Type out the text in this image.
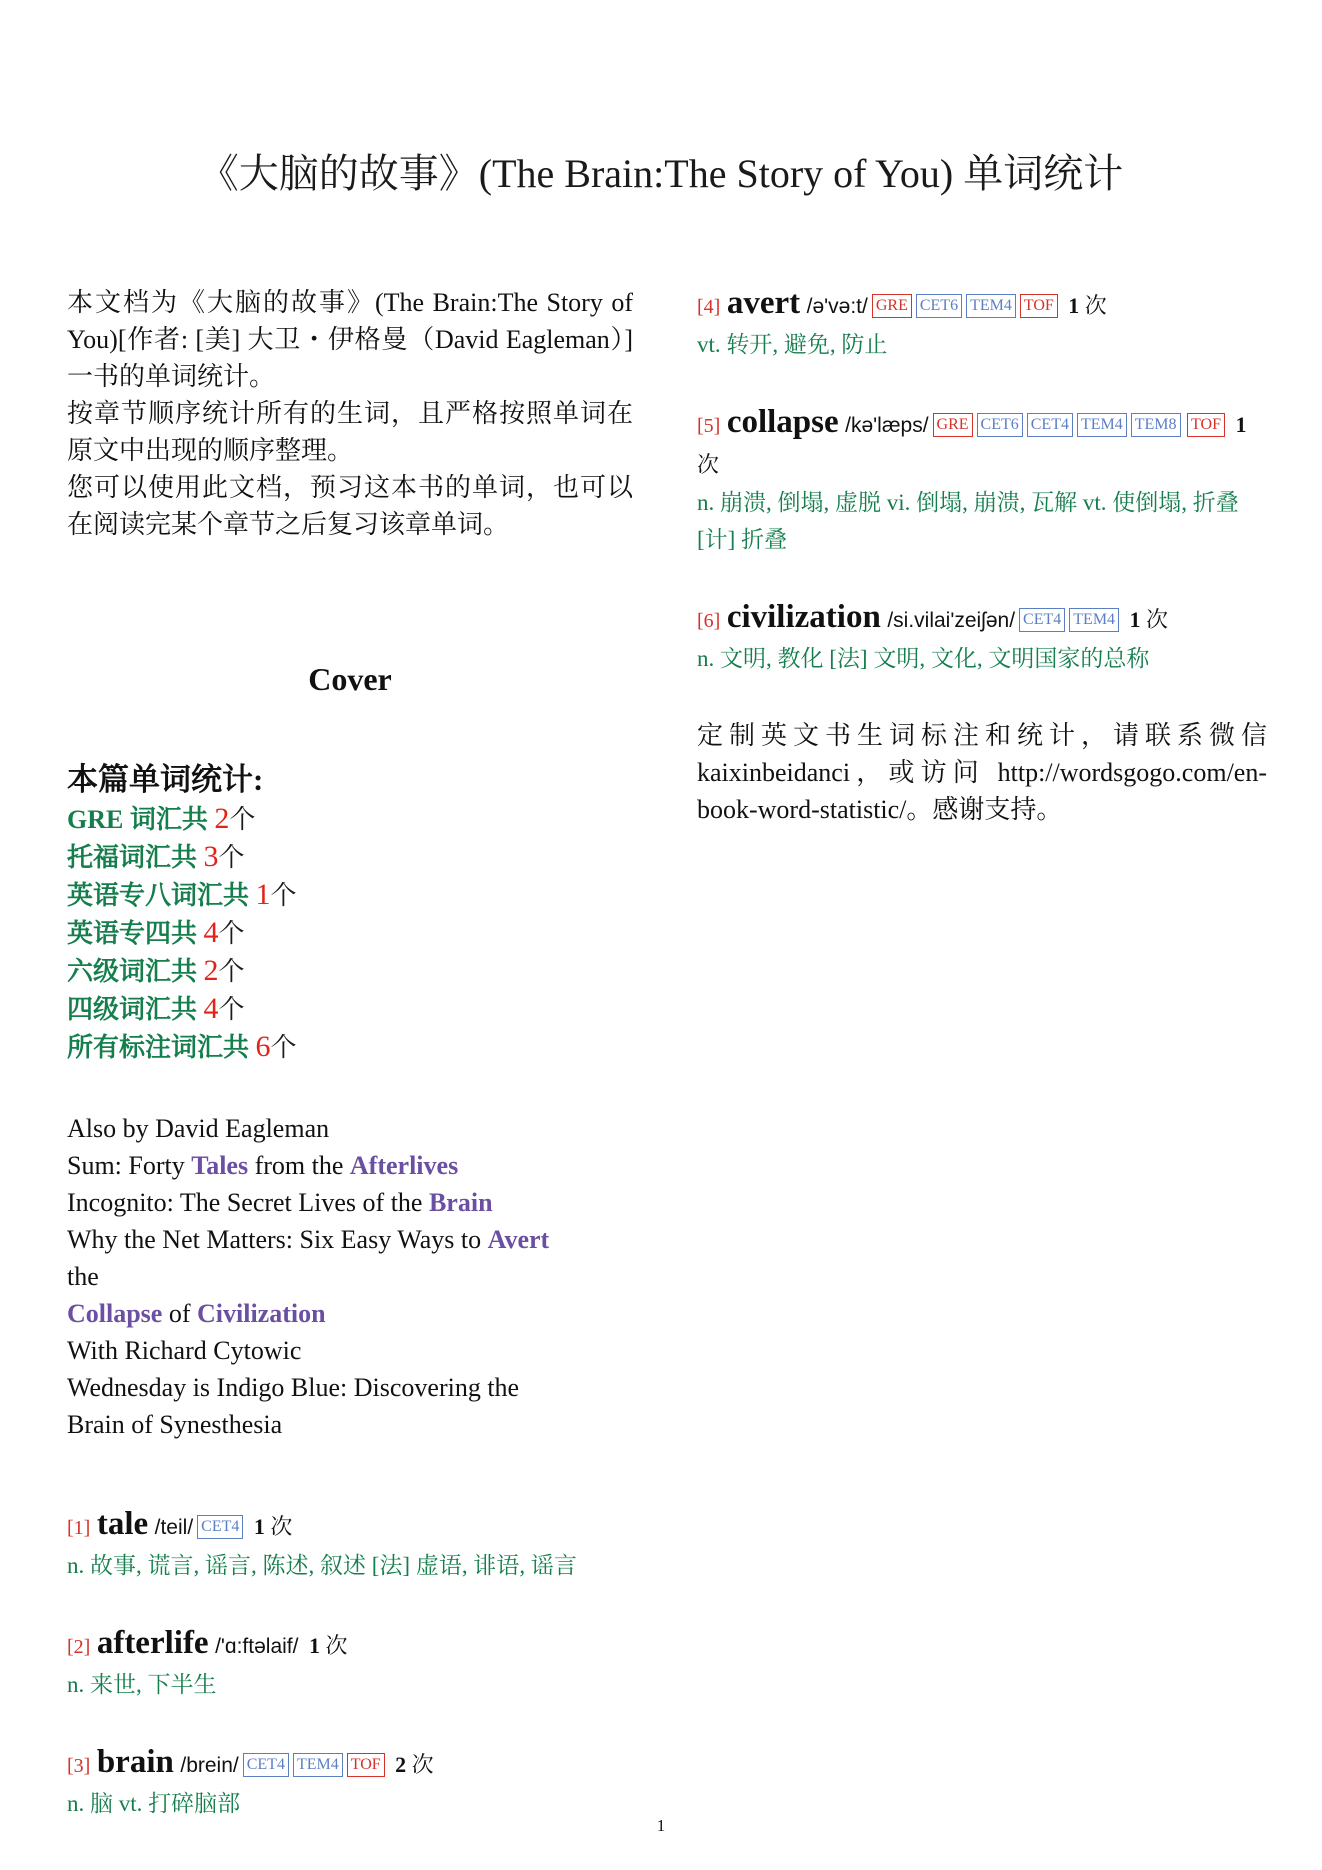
《大脑的故事》(The Brain:The Story of You) 单词统计
本文档为《大脑的故事》(The Brain:The Story of You)[作者: [美] 大卫・伊格曼（David Eagleman）] 一书的单词统计。
按章节顺序统计所有的生词，且严格按照单词在原文中出现的顺序整理。
您可以使用此文档，预习这本书的单词，也可以在阅读完某个章节之后复习该章单词。
Cover
本篇单词统计:
GRE 词汇共 2个
托福词汇共 3个
英语专八词汇共 1个
英语专四共 4个
六级词汇共 2个
四级词汇共 4个
所有标注词汇共 6个
Also by David Eagleman
Sum: Forty Tales from the Afterlives
Incognito: The Secret Lives of the Brain
Why the Net Matters: Six Easy Ways to Avert
the
Collapse of Civilization
With Richard Cytowic
Wednesday is Indigo Blue: Discovering the
Brain of Synesthesia
[1] tale /teil/ CET4 1 次
n. 故事, 谎言, 谣言, 陈述, 叙述 [法] 虚语, 诽语, 谣言
[2] afterlife /'ɑ:ftəlaif/ 1 次
n. 来世, 下半生
[3] brain /brein/ CET4 TEM4 TOF 2 次
n. 脑 vt. 打碎脑部
[4] avert /ə'və:t/ GRE CET6 TEM4 TOF 1 次
vt. 转开, 避免, 防止
[5] collapse /kə'læps/ GRE CET6 CET4 TEM4 TEM8 TOF 1 次
n. 崩溃, 倒塌, 虚脱 vi. 倒塌, 崩溃, 瓦解 vt. 使倒塌, 折叠 [计] 折叠
[6] civilization /si.vilai'zeiʃən/ CET4 TEM4 1 次
n. 文明, 教化 [法] 文明, 文化, 文明国家的总称
定制英文书生词标注和统计，请联系微信 kaixinbeidanci，或访问 http://wordsgogo.com/en-book-word-statistic/。感谢支持。
1
